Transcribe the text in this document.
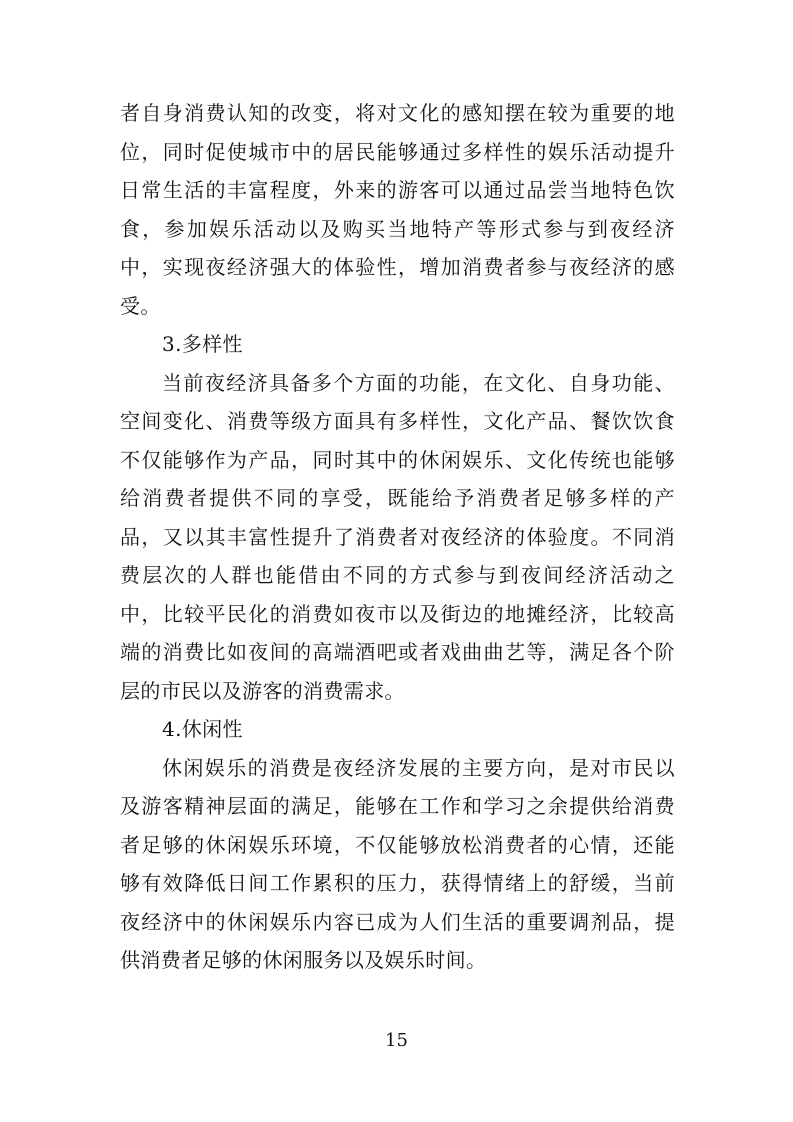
者自身消费认知的改变，将对文化的感知摆在较为重要的地
位，同时促使城市中的居民能够通过多样性的娱乐活动提升
日常生活的丰富程度，外来的游客可以通过品尝当地特色饮
食，参加娱乐活动以及购买当地特产等形式参与到夜经济
中，实现夜经济强大的体验性，增加消费者参与夜经济的感
受。
3.多样性
当前夜经济具备多个方面的功能，在文化、自身功能、
空间变化、消费等级方面具有多样性，文化产品、餐饮饮食
不仅能够作为产品，同时其中的休闲娱乐、文化传统也能够
给消费者提供不同的享受，既能给予消费者足够多样的产
品，又以其丰富性提升了消费者对夜经济的体验度。不同消
费层次的人群也能借由不同的方式参与到夜间经济活动之
中，比较平民化的消费如夜市以及街边的地摊经济，比较高
端的消费比如夜间的高端酒吧或者戏曲曲艺等，满足各个阶
层的市民以及游客的消费需求。
4.休闲性
休闲娱乐的消费是夜经济发展的主要方向，是对市民以
及游客精神层面的满足，能够在工作和学习之余提供给消费
者足够的休闲娱乐环境，不仅能够放松消费者的心情，还能
够有效降低日间工作累积的压力，获得情绪上的舒缓，当前
夜经济中的休闲娱乐内容已成为人们生活的重要调剂品，提
供消费者足够的休闲服务以及娱乐时间。
15
